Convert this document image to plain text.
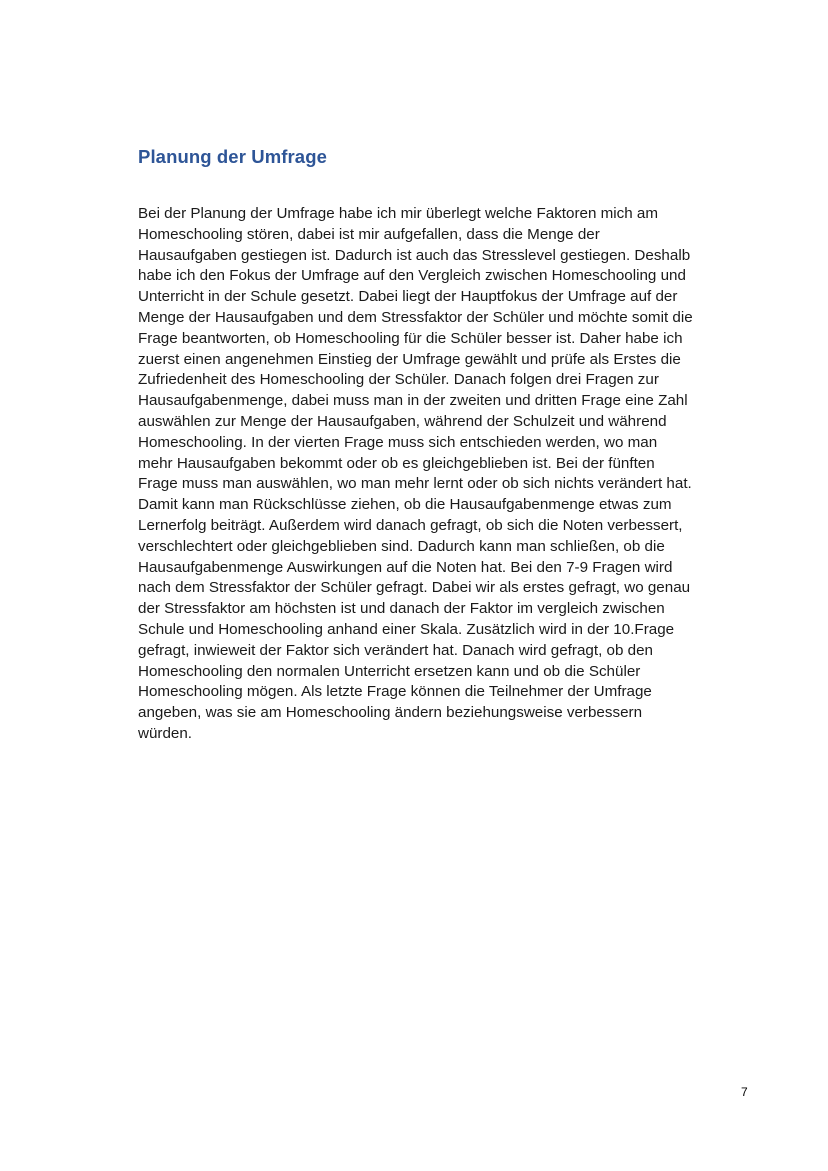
Planung der Umfrage

Bei der Planung der Umfrage habe ich mir überlegt welche Faktoren mich am
Homeschooling stören, dabei ist mir aufgefallen, dass die Menge der
Hausaufgaben gestiegen ist. Dadurch ist auch das Stresslevel gestiegen. Deshalb
habe ich den Fokus der Umfrage auf den Vergleich zwischen Homeschooling und
Unterricht in der Schule gesetzt. Dabei liegt der Hauptfokus der Umfrage auf der
Menge der Hausaufgaben und dem Stressfaktor der Schüler und möchte somit die
Frage beantworten, ob Homeschooling für die Schüler besser ist. Daher habe ich
zuerst einen angenehmen Einstieg der Umfrage gewählt und prüfe als Erstes die
Zufriedenheit des Homeschooling der Schüler. Danach folgen drei Fragen zur
Hausaufgabenmenge, dabei muss man in der zweiten und dritten Frage eine Zahl
auswählen zur Menge der Hausaufgaben, während der Schulzeit und während
Homeschooling. In der vierten Frage muss sich entschieden werden, wo man
mehr Hausaufgaben bekommt oder ob es gleichgeblieben ist. Bei der fünften
Frage muss man auswählen, wo man mehr lernt oder ob sich nichts verändert hat.
Damit kann man Rückschlüsse ziehen, ob die Hausaufgabenmenge etwas zum
Lernerfolg beiträgt. Außerdem wird danach gefragt, ob sich die Noten verbessert,
verschlechtert oder gleichgeblieben sind. Dadurch kann man schließen, ob die
Hausaufgabenmenge Auswirkungen auf die Noten hat. Bei den 7-9 Fragen wird
nach dem Stressfaktor der Schüler gefragt. Dabei wir als erstes gefragt, wo genau
der Stressfaktor am höchsten ist und danach der Faktor im vergleich zwischen
Schule und Homeschooling anhand einer Skala. Zusätzlich wird in der 10.Frage
gefragt, inwieweit der Faktor sich verändert hat. Danach wird gefragt, ob den
Homeschooling den normalen Unterricht ersetzen kann und ob die Schüler
Homeschooling mögen. Als letzte Frage können die Teilnehmer der Umfrage
angeben, was sie am Homeschooling ändern beziehungsweise verbessern
würden.

7
